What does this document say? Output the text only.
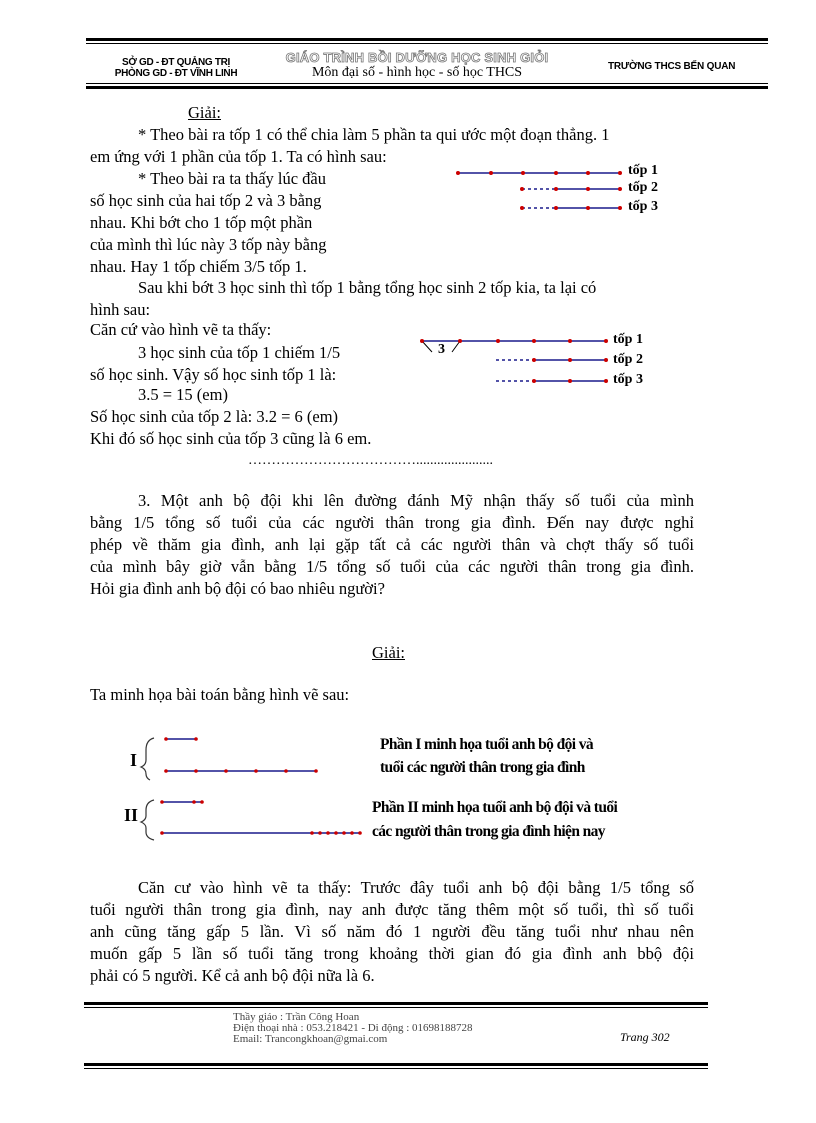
SỞ GD - ĐT QUẢNG TRỊ
PHÒNG GD - ĐT VĨNH LINH
GIÁO TRÌNH BỒI DƯỠNG HỌC SINH GIỎI
Môn đại số - hình học - số học THCS	TRƯỜNG THCS BẾN QUAN
Giải:
* Theo bài ra tốp 1 có thể chia làm 5 phần ta qui ước một đoạn thẳng. 1
em ứng với 1 phần của tốp 1. Ta có hình sau:
* Theo bài ra ta thấy lúc đầu
số học sinh của hai tốp 2 và 3 bằng
nhau. Khi bớt cho 1 tốp một phần
của mình thì lúc này 3 tốp này bằng
nhau. Hay 1 tốp chiếm 3/5 tốp 1.
tốp 1
tốp 2
tốp 3
Sau khi bớt 3 học sinh thì tốp 1 bằng tổng học sinh 2 tốp kia, ta lại có
hình sau:
Căn cứ vào hình vẽ ta thấy:
3 học sinh của tốp 1 chiếm 1/5
số học sinh. Vậy số học sinh tốp 1 là:
3.5 = 15 (em)
Số học sinh của tốp 2 là: 3.2 = 6 (em)
Khi đó số học sinh của tốp 3 cũng là 6 em.
3
tốp 1
tốp 2
tốp 3
………………………………......................
3. Một anh bộ đội khi lên đường đánh Mỹ nhận thấy số tuổi của mình
bằng 1/5 tổng số tuổi của các người thân trong gia đình. Đến nay được nghỉ
phép về thăm gia đình, anh lại gặp tất cả các người thân và chợt thấy số tuổi
của mình bây giờ vẫn bằng 1/5 tổng số tuổi của các người thân trong gia đình.
Hỏi gia đình anh bộ đội có bao nhiêu người?
Giải:
Ta minh họa bài toán bằng hình vẽ sau:
I
II
Phần I minh họa tuổi anh bộ đội và
tuổi các người thân trong gia đình
Phần II minh họa tuổi anh bộ đội và tuổi
các người thân trong gia đình hiện nay
Căn cư vào hình vẽ ta thấy: Trước đây tuổi anh bộ đội bằng 1/5 tổng số
tuổi người thân trong gia đình, nay anh được tăng thêm một số tuổi, thì số tuổi
anh cũng tăng gấp 5 lần. Vì số năm đó 1 người đều tăng tuổi như nhau nên
muốn gấp 5 lần số tuổi tăng trong khoảng thời gian đó gia đình anh bbộ đội
phải có 5 người. Kể cả anh bộ đội nữa là 6.
Thầy giáo : Trần Công Hoan
Điện thoại nhà : 053.218421 - Di động : 01698188728
Email: Trancongkhoan@gmai.com	Trang 302
